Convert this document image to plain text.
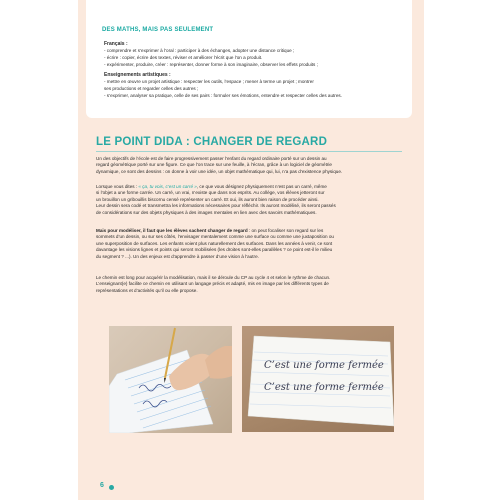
DES MATHS, MAIS PAS SEULEMENT
Français :
- comprendre et s’exprimer à l’oral : participer à des échanges, adopter une distance critique ;
- écrire : copier, écrire des textes, réviser et améliorer l’écrit que l’on a produit.
- expérimenter, produire, créer : représenter, donner forme à son imaginaire, observer les effets produits ;
Enseignements artistiques :
- mettre en œuvre un projet artistique : respecter les outils, l’espace ; mener à terme un projet ; montrer
ses productions et regarder celles des autres ;
- s’exprimer, analyser sa pratique, celle de ses pairs : formuler ses émotions, entendre et respecter celles des autres.
LE POINT DIDA : CHANGER DE REGARD
Un des objectifs de l’école est de faire progressivement passer l’enfant du regard ordinaire porté sur un dessin au
regard géométrique porté sur une figure. Ce que l’on trace sur une feuille, à l’écran, grâce à un logiciel de géométrie
dynamique, ce sont des dessins : on donne à voir une idée, un objet mathématique qui, lui, n’a pas d’existence physique.
Lorsque vous dites : « ça, tu vois, c’est un carré », ce que vous désignez physiquement n’est pas un carré, même
si l’objet a une forme carrée. Un carré, un vrai, n’existe que dans nos esprits. Au collège, vos élèves jetteront sur
un brouillon un gribouillis biscornu censé représenter un carré. Et oui, ils auront bien raison de procéder ainsi.
Leur dessin sera codé et transmettra les informations nécessaires pour réfléchir. Ils auront modélisé, ils seront passés
de considérations sur des objets physiques à des images mentales en lien avec des savoirs mathématiques.
Mais pour modéliser, il faut que les élèves sachent changer de regard : on peut focaliser son regard sur les
sommets d’un dessin, ou sur ses côtés, l’envisager mentalement comme une surface ou comme une juxtaposition ou
une superposition de surfaces. Les enfants voient plus naturellement des surfaces. Dans les années à venir, ce sont
davantage les visions lignes et points qui seront mobilisées (les droites sont-elles parallèles ? ce point est-il le milieu
du segment ? ...). Un des enjeux est d’apprendre à passer d’une vision à l’autre.
Le chemin est long pour acquérir la modélisation, mais il se déroule du CP au cycle 4 et selon le rythme de chacun.
L’enseignant(e) facilite ce chemin en utilisant un langage précis et adapté, mis en image par les différents types de
représentations et d’activités qu’il ou elle propose.
C’est une forme fermée
C’est une forme fermée
6
